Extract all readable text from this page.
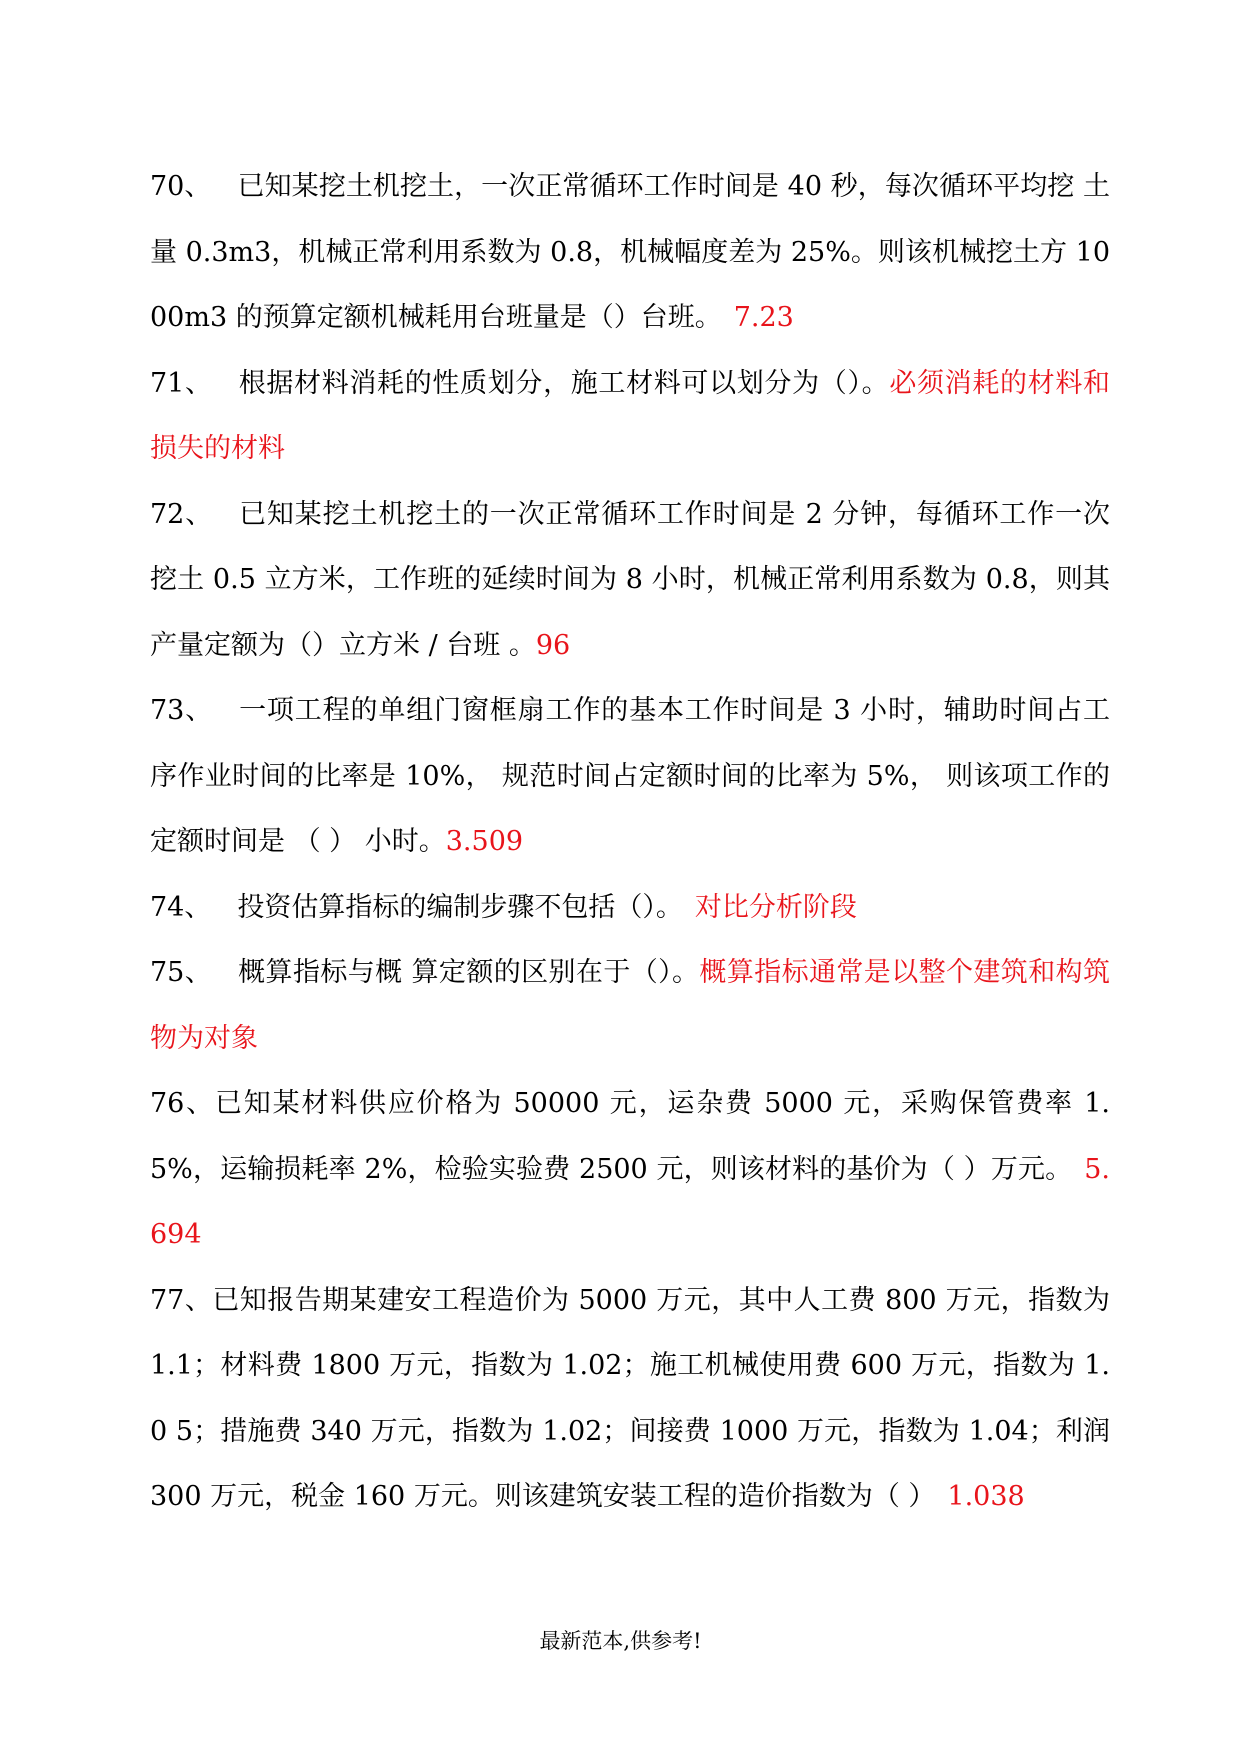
70、 已知某挖土机挖土，一次正常循环工作时间是 40 秒，每次循环平均挖 土量 0.3m3，机械正常利用系数为 0.8，机械幅度差为 25%。则该机械挖土方 10 00m3 的预算定额机械耗用台班量是（）台班。 7.23

71、 根据材料消耗的性质划分，施工材料可以划分为（）。必须消耗的材料和损失的材料

72、 已知某挖土机挖土的一次正常循环工作时间是 2 分钟，每循环工作一次 挖土 0.5 立方米，工作班的延续时间为 8 小时，机械正常利用系数为 0.8，则其 产量定额为（）立方米 / 台班 。96

73、 一项工程的单组门窗框扇工作的基本工作时间是 3 小时，辅助时间占工 序作业时间的比率是 10%， 规范时间占定额时间的比率为 5%， 则该项工作的定额时间是 （ ） 小时。3.509

74、 投资估算指标的编制步骤不包括（）。 对比分析阶段

75、 概算指标与概 算定额的区别在于（）。概算指标通常是以整个建筑和构筑物为对象

76、已知某材料供应价格为 50000 元，运杂费 5000 元，采购保管费率 1.5%，运输损耗率 2%，检验实验费 2500 元，则该材料的基价为（ ）万元。 5.694

77、已知报告期某建安工程造价为 5000 万元，其中人工费 800 万元，指数为 1.1；材料费 1800 万元，指数为 1.02；施工机械使用费 600 万元，指数为 1.0 5；措施费 340 万元，指数为 1.02；间接费 1000 万元，指数为 1.04；利润 300 万元，税金 160 万元。则该建筑安装工程的造价指数为（ ） 1.038

最新范本,供参考!
